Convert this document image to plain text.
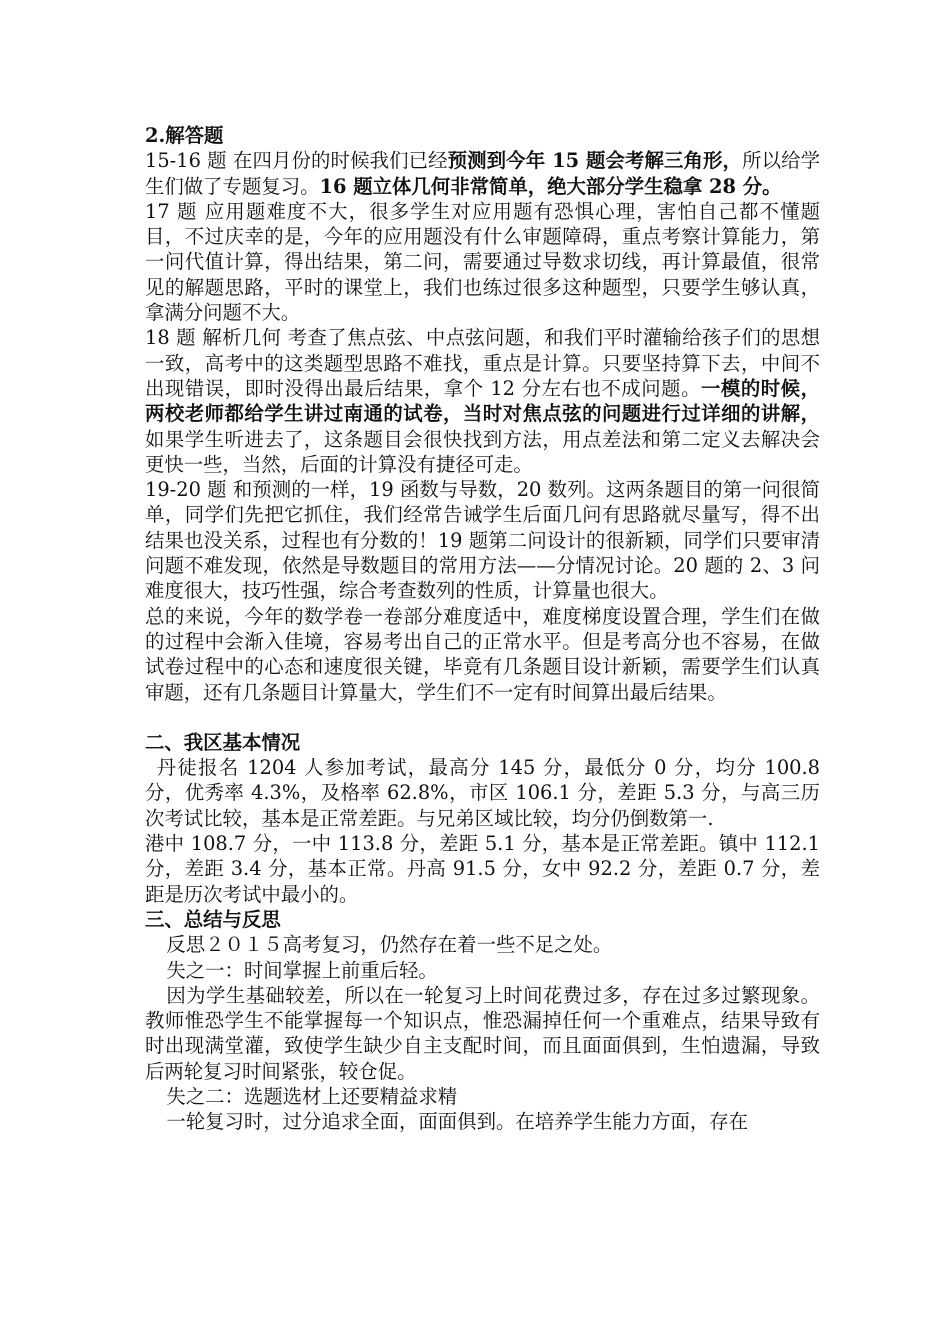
2.解答题

15-16 题 在四月份的时候我们已经预测到今年 15 题会考解三角形，所以给学生们做了专题复习。16 题立体几何非常简单，绝大部分学生稳拿 28 分。

17 题 应用题难度不大，很多学生对应用题有恐惧心理，害怕自己都不懂题目，不过庆幸的是，今年的应用题没有什么审题障碍，重点考察计算能力，第一问代值计算，得出结果，第二问，需要通过导数求切线，再计算最值，很常见的解题思路，平时的课堂上，我们也练过很多这种题型，只要学生够认真，拿满分问题不大。

18 题 解析几何 考查了焦点弦、中点弦问题，和我们平时灌输给孩子们的思想一致，高考中的这类题型思路不难找，重点是计算。只要坚持算下去，中间不出现错误，即时没得出最后结果，拿个 12 分左右也不成问题。一模的时候，两校老师都给学生讲过南通的试卷，当时对焦点弦的问题进行过详细的讲解，如果学生听进去了，这条题目会很快找到方法，用点差法和第二定义去解决会更快一些，当然，后面的计算没有捷径可走。

19-20 题 和预测的一样，19 函数与导数，20 数列。这两条题目的第一问很简单，同学们先把它抓住，我们经常告诫学生后面几问有思路就尽量写，得不出结果也没关系，过程也有分数的！19 题第二问设计的很新颖，同学们只要审清问题不难发现，依然是导数题目的常用方法——分情况讨论。20 题的 2、3 问难度很大，技巧性强，综合考查数列的性质，计算量也很大。

总的来说，今年的数学卷一卷部分难度适中，难度梯度设置合理，学生们在做的过程中会渐入佳境，容易考出自己的正常水平。但是考高分也不容易，在做试卷过程中的心态和速度很关键，毕竟有几条题目设计新颖，需要学生们认真审题，还有几条题目计算量大，学生们不一定有时间算出最后结果。

二、我区基本情况

丹徒报名 1204 人参加考试，最高分 145 分，最低分 0 分，均分 100.8 分，优秀率 4.3%，及格率 62.8%，市区 106.1 分，差距 5.3 分，与高三历次考试比较，基本是正常差距。与兄弟区域比较，均分仍倒数第一.

港中 108.7 分，一中 113.8 分，差距 5.1 分，基本是正常差距。镇中 112.1 分，差距 3.4 分，基本正常。丹高 91.5 分，女中 92.2 分，差距 0.7 分，差距是历次考试中最小的。

三、总结与反思

反思２０１５高考复习，仍然存在着一些不足之处。

失之一：时间掌握上前重后轻。

因为学生基础较差，所以在一轮复习上时间花费过多，存在过多过繁现象。教师惟恐学生不能掌握每一个知识点，惟恐漏掉任何一个重难点，结果导致有时出现满堂灌，致使学生缺少自主支配时间，而且面面俱到，生怕遗漏，导致后两轮复习时间紧张，较仓促。

失之二：选题选材上还要精益求精

一轮复习时，过分追求全面，面面俱到。在培养学生能力方面，存在
